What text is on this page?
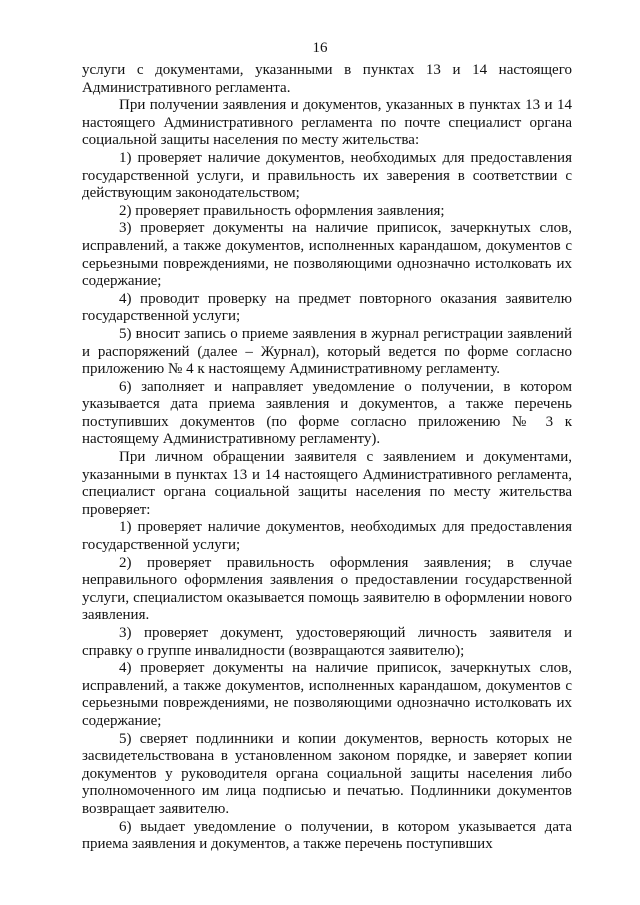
16

услуги с документами, указанными в пунктах 13 и 14 настоящего Административного регламента.

При получении заявления и документов, указанных в пунктах 13 и 14 настоящего Административного регламента по почте специалист органа социальной защиты населения по месту жительства:

1) проверяет наличие документов, необходимых для предоставления государственной услуги, и правильность их заверения в соответствии с действующим законодательством;

2) проверяет правильность оформления заявления;

3) проверяет документы на наличие приписок, зачеркнутых слов, исправлений, а также документов, исполненных карандашом, документов с серьезными повреждениями, не позволяющими однозначно истолковать их содержание;

4) проводит проверку на предмет повторного оказания заявителю государственной услуги;

5) вносит запись о приеме заявления в журнал регистрации заявлений и распоряжений (далее – Журнал), который ведется по форме согласно приложению № 4 к настоящему Административному регламенту.

6) заполняет и направляет уведомление о получении, в котором указывается дата приема заявления и документов, а также перечень поступивших документов (по форме согласно приложению № 3 к настоящему Административному регламенту).

При личном обращении заявителя с заявлением и документами, указанными в пунктах 13 и 14 настоящего Административного регламента, специалист органа социальной защиты населения по месту жительства проверяет:

1) проверяет наличие документов, необходимых для предоставления государственной услуги;

2) проверяет правильность оформления заявления; в случае неправильного оформления заявления о предоставлении государственной услуги, специалистом оказывается помощь заявителю в оформлении нового заявления.

3) проверяет документ, удостоверяющий личность заявителя и справку о группе инвалидности (возвращаются заявителю);

4) проверяет документы на наличие приписок, зачеркнутых слов, исправлений, а также документов, исполненных карандашом, документов с серьезными повреждениями, не позволяющими однозначно истолковать их содержание;

5) сверяет подлинники и копии документов, верность которых не засвидетельствована в установленном законом порядке, и заверяет копии документов у руководителя органа социальной защиты населения либо уполномоченного им лица подписью и печатью. Подлинники документов возвращает заявителю.

6) выдает уведомление о получении, в котором указывается дата приема заявления и документов, а также перечень поступивших
